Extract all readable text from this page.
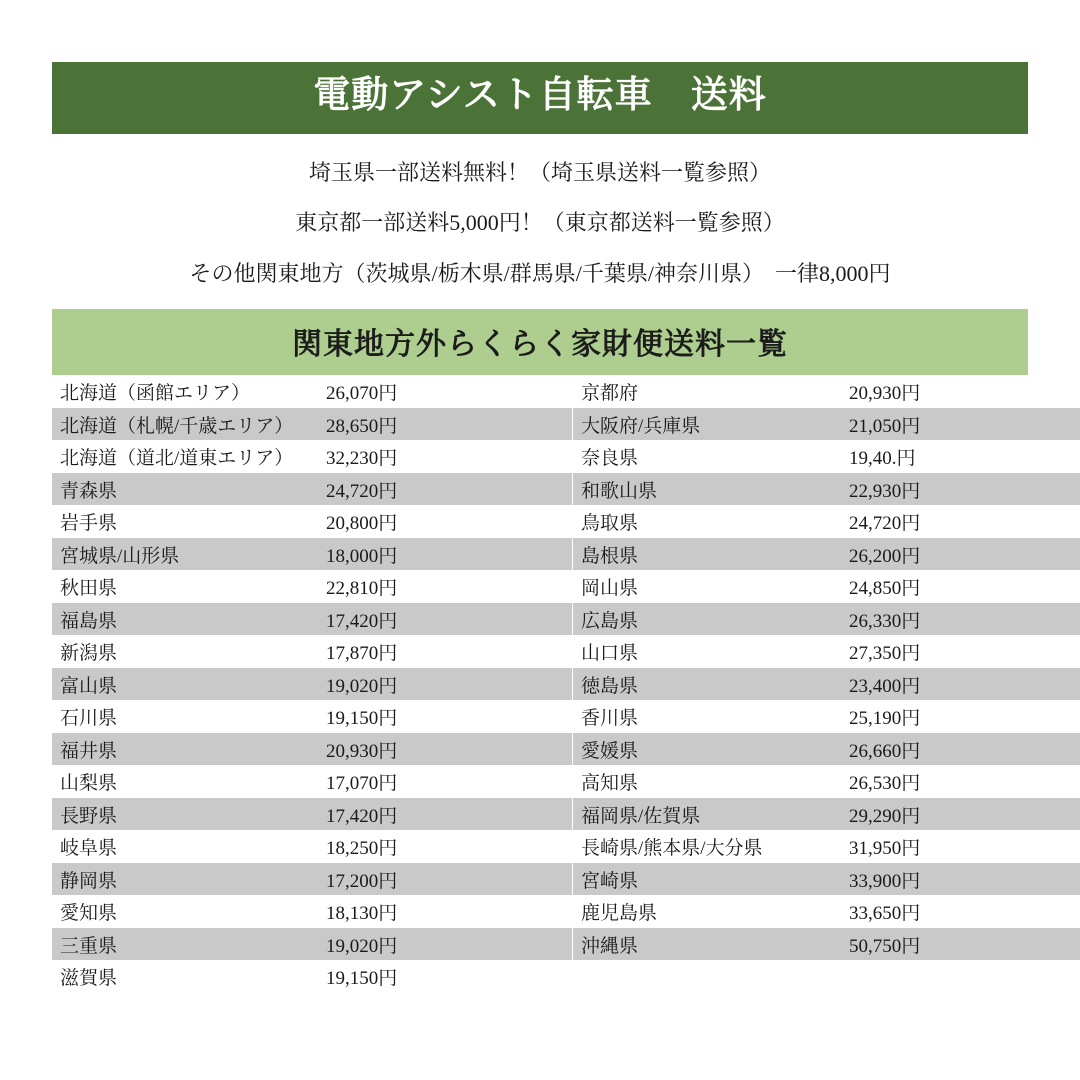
電動アシスト自転車　送料
埼玉県一部送料無料！（埼玉県送料一覧参照）
東京都一部送料5,000円！（東京都送料一覧参照）
その他関東地方（茨城県/栃木県/群馬県/千葉県/神奈川県）　一律8,000円
関東地方外らくらく家財便送料一覧
北海道（函館エリア）	26,070円	京都府	20,930円
北海道（札幌/千歳エリア）	28,650円	大阪府/兵庫県	21,050円
北海道（道北/道東エリア）	32,230円	奈良県	19,40.円
青森県	24,720円	和歌山県	22,930円
岩手県	20,800円	鳥取県	24,720円
宮城県/山形県	18,000円	島根県	26,200円
秋田県	22,810円	岡山県	24,850円
福島県	17,420円	広島県	26,330円
新潟県	17,870円	山口県	27,350円
富山県	19,020円	徳島県	23,400円
石川県	19,150円	香川県	25,190円
福井県	20,930円	愛媛県	26,660円
山梨県	17,070円	高知県	26,530円
長野県	17,420円	福岡県/佐賀県	29,290円
岐阜県	18,250円	長崎県/熊本県/大分県	31,950円
静岡県	17,200円	宮崎県	33,900円
愛知県	18,130円	鹿児島県	33,650円
三重県	19,020円	沖縄県	50,750円
滋賀県	19,150円		
